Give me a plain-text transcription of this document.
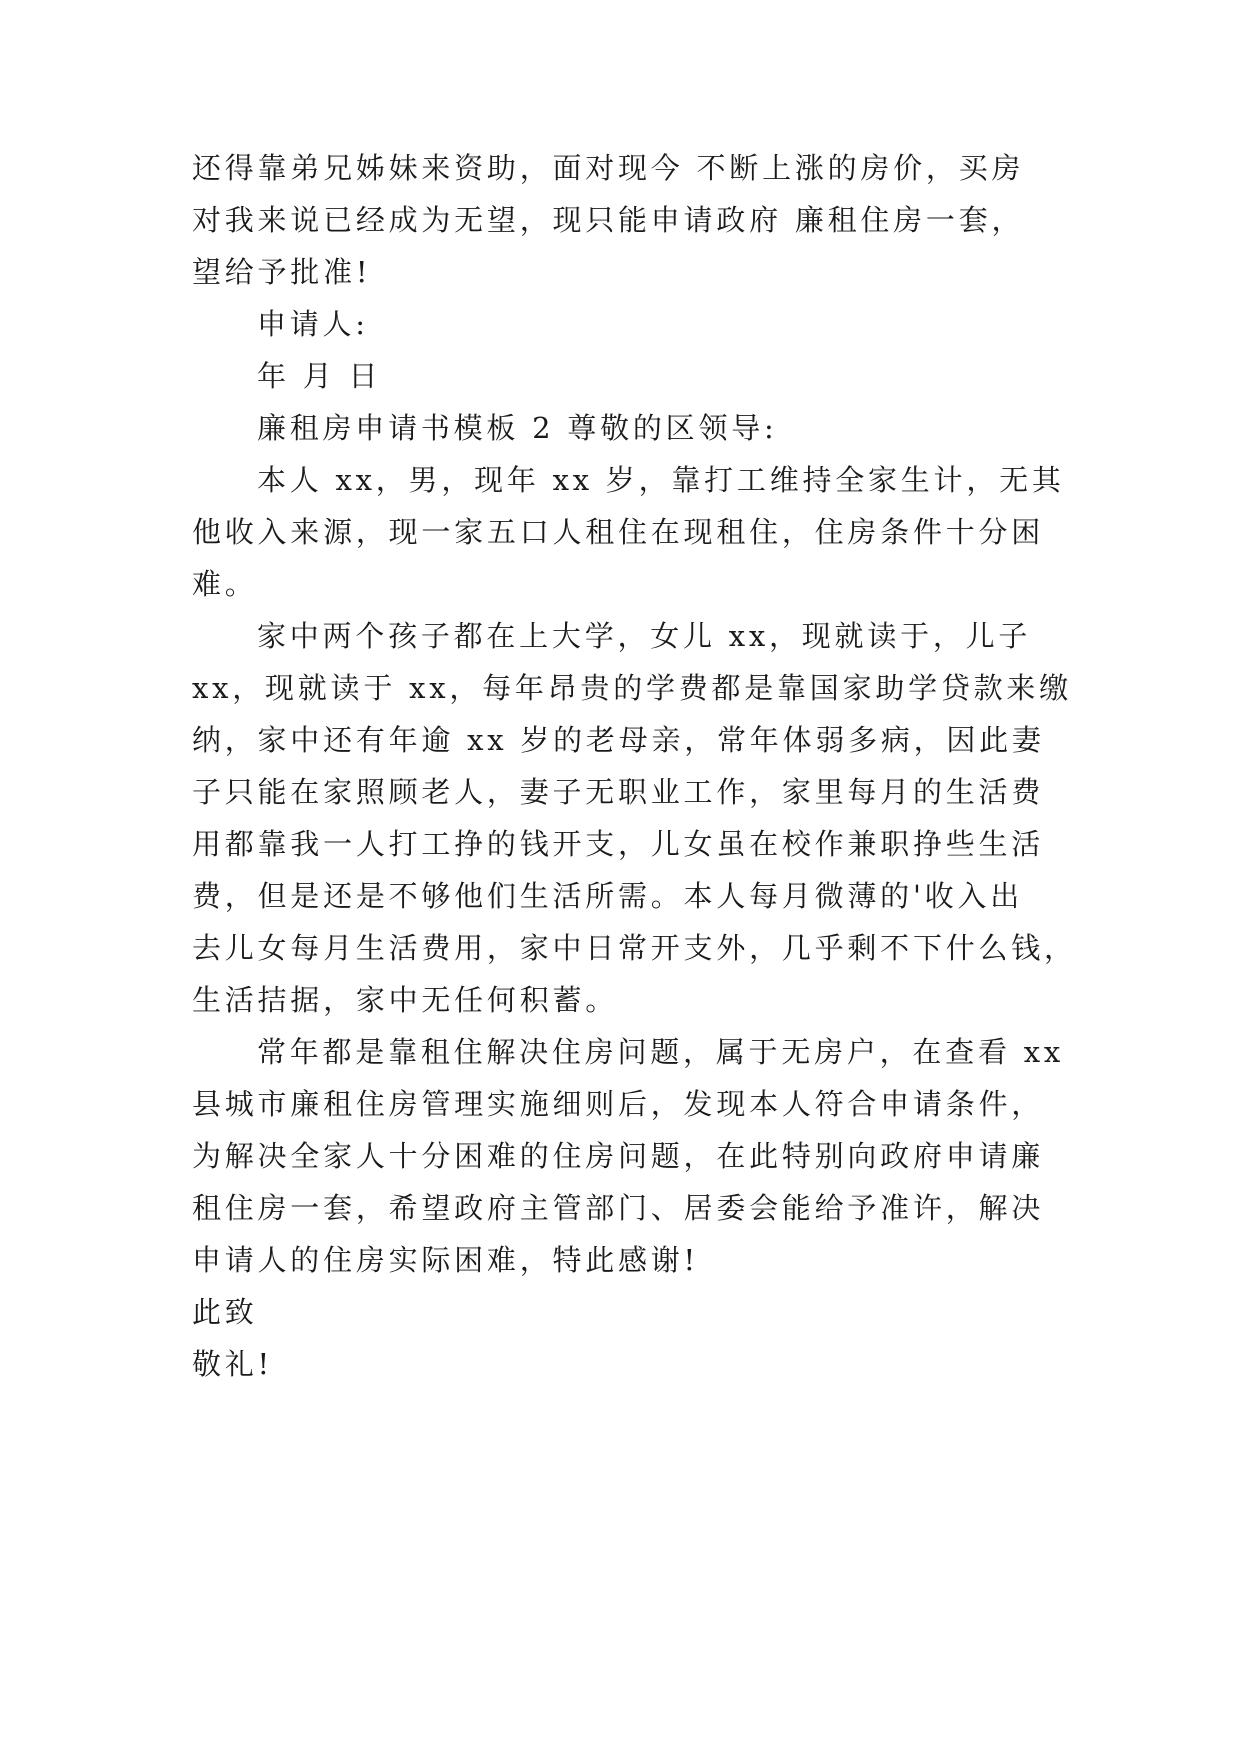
还得靠弟兄姊妹来资助，面对现今 不断上涨的房价，买房
对我来说已经成为无望，现只能申请政府 廉租住房一套，
望给予批准!
申请人:
年 月 日
廉租房申请书模板 2 尊敬的区领导:
本人 xx，男，现年 xx 岁，靠打工维持全家生计，无其
他收入来源，现一家五口人租住在现租住，住房条件十分困
难。
家中两个孩子都在上大学，女儿 xx，现就读于，儿子
xx，现就读于 xx，每年昂贵的学费都是靠国家助学贷款来缴
纳，家中还有年逾 xx 岁的老母亲，常年体弱多病，因此妻
子只能在家照顾老人，妻子无职业工作，家里每月的生活费
用都靠我一人打工挣的钱开支，儿女虽在校作兼职挣些生活
费，但是还是不够他们生活所需。本人每月微薄的'收入出
去儿女每月生活费用，家中日常开支外，几乎剩不下什么钱，
生活拮据，家中无任何积蓄。
常年都是靠租住解决住房问题，属于无房户，在查看 xx
县城市廉租住房管理实施细则后，发现本人符合申请条件，
为解决全家人十分困难的住房问题，在此特别向政府申请廉
租住房一套，希望政府主管部门、居委会能给予准许，解决
申请人的住房实际困难，特此感谢!
此致
敬礼!
